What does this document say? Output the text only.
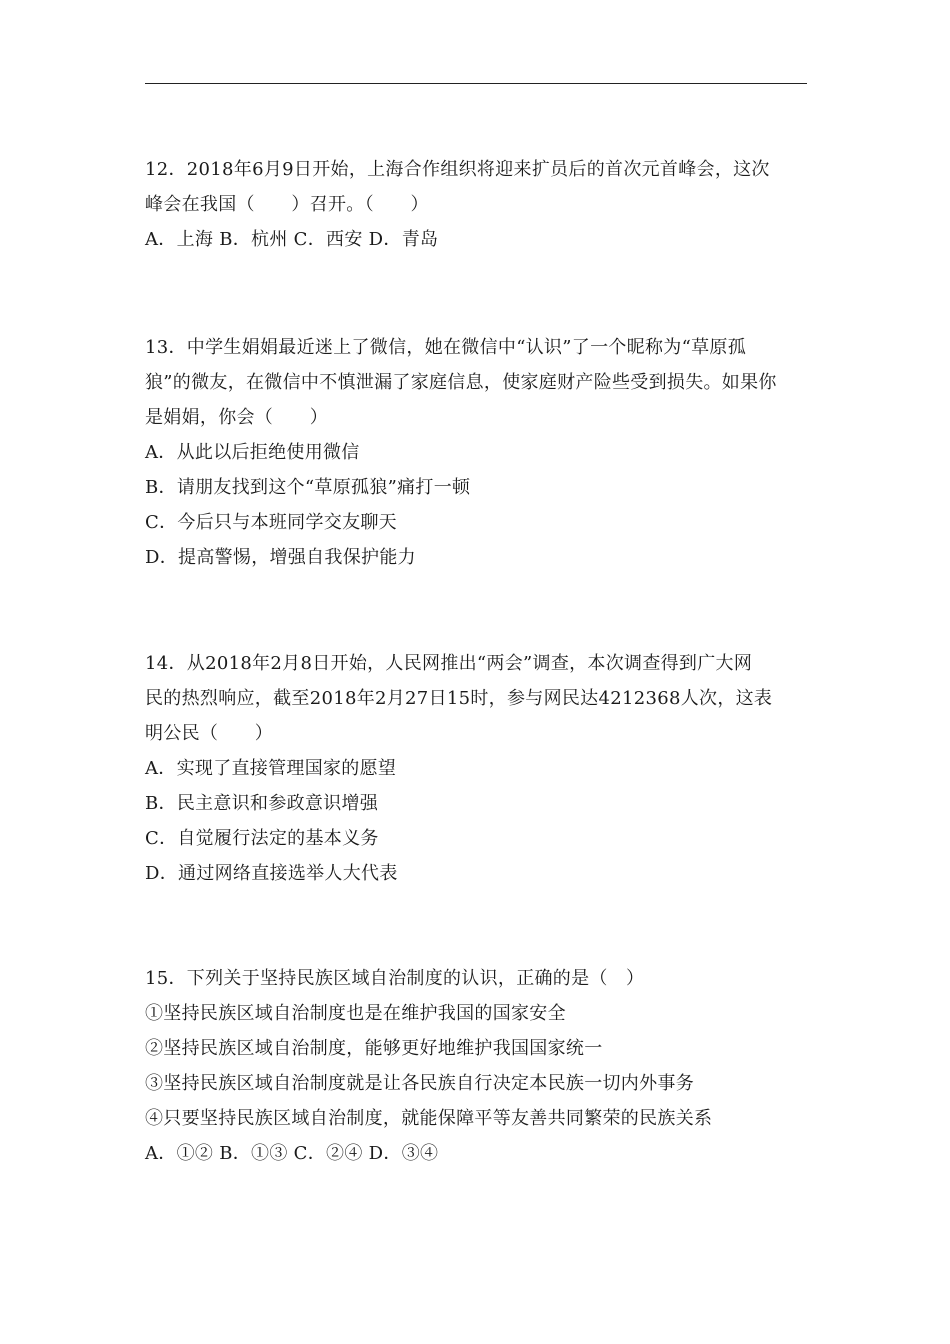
12．2018年6月9日开始，上海合作组织将迎来扩员后的首次元首峰会，这次
峰会在我国（　　）召开。（　　）
A．上海 B．杭州 C．西安 D．青岛
13．中学生娟娟最近迷上了微信，她在微信中“认识”了一个昵称为“草原孤
狼”的微友，在微信中不慎泄漏了家庭信息，使家庭财产险些受到损失。如果你
是娟娟，你会（　　）
A．从此以后拒绝使用微信
B．请朋友找到这个“草原孤狼”痛打一顿
C．今后只与本班同学交友聊天
D．提高警惕，增强自我保护能力
14．从2018年2月8日开始，人民网推出“两会”调查，本次调查得到广大网
民的热烈响应，截至2018年2月27日15时，参与网民达4212368人次，这表
明公民（　　）
A．实现了直接管理国家的愿望
B．民主意识和参政意识增强
C．自觉履行法定的基本义务
D．通过网络直接选举人大代表
15．下列关于坚持民族区域自治制度的认识，正确的是（　）
①坚持民族区域自治制度也是在维护我国的国家安全
②坚持民族区域自治制度，能够更好地维护我国国家统一
③坚持民族区域自治制度就是让各民族自行决定本民族一切内外事务
④只要坚持民族区域自治制度，就能保障平等友善共同繁荣的民族关系
A．①② B．①③ C．②④ D．③④
